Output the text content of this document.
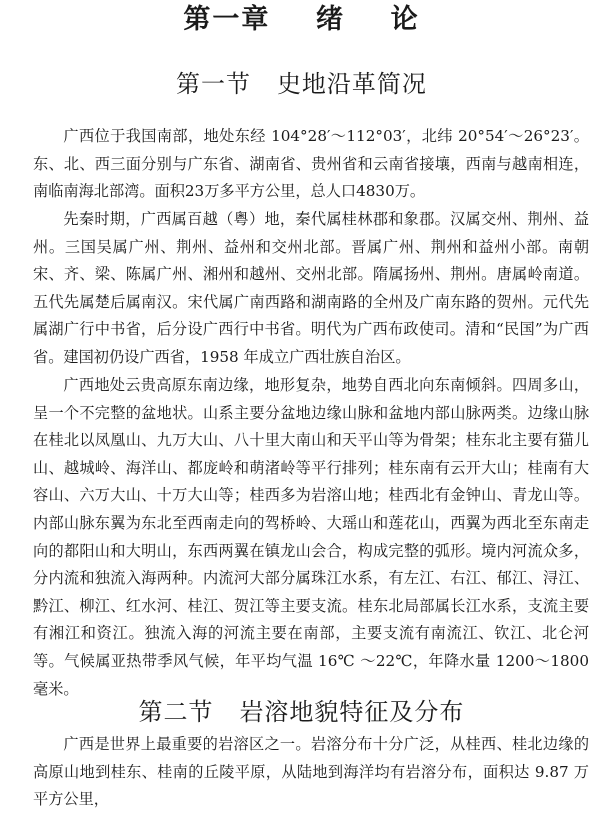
第一章 绪    论
第一节 史地沿革简况

广西位于我国南部，地处东经 104°28′～112°03′，北纬 20°54′～26°23′。东、北、西三面分别与广东省、湖南省、贵州省和云南省接壤，西南与越南相连，南临南海北部湾。面积23万多平方公里，总人口4830万。

先秦时期，广西属百越（粤）地，秦代属桂林郡和象郡。汉属交州、荆州、益州。三国吴属广州、荆州、益州和交州北部。晋属广州、荆州和益州小部。南朝宋、齐、梁、陈属广州、湘州和越州、交州北部。隋属扬州、荆州。唐属岭南道。五代先属楚后属南汉。宋代属广南西路和湖南路的全州及广南东路的贺州。元代先属湖广行中书省，后分设广西行中书省。明代为广西布政使司。清和“民国”为广西省。建国初仍设广西省，1958 年成立广西壮族自治区。

广西地处云贵高原东南边缘，地形复杂，地势自西北向东南倾斜。四周多山，呈一个不完整的盆地状。山系主要分盆地边缘山脉和盆地内部山脉两类。边缘山脉在桂北以凤凰山、九万大山、八十里大南山和天平山等为骨架；桂东北主要有猫儿山、越城岭、海洋山、都庞岭和萌渚岭等平行排列；桂东南有云开大山；桂南有大容山、六万大山、十万大山等；桂西多为岩溶山地；桂西北有金钟山、青龙山等。内部山脉东翼为东北至西南走向的驾桥岭、大瑶山和莲花山，西翼为西北至东南走向的都阳山和大明山，东西两翼在镇龙山会合，构成完整的弧形。境内河流众多，分内流和独流入海两种。内流河大部分属珠江水系，有左江、右江、郁江、浔江、黔江、柳江、红水河、桂江、贺江等主要支流。桂东北局部属长江水系，支流主要有湘江和资江。独流入海的河流主要在南部，主要支流有南流江、钦江、北仑河等。气候属亚热带季风气候，年平均气温 16℃ ～22℃，年降水量 1200～1800 毫米。

第二节 岩溶地貌特征及分布

广西是世界上最重要的岩溶区之一。岩溶分布十分广泛，从桂西、桂北边缘的高原山地到桂东、桂南的丘陵平原，从陆地到海洋均有岩溶分布，面积达 9.87 万平方公里，
